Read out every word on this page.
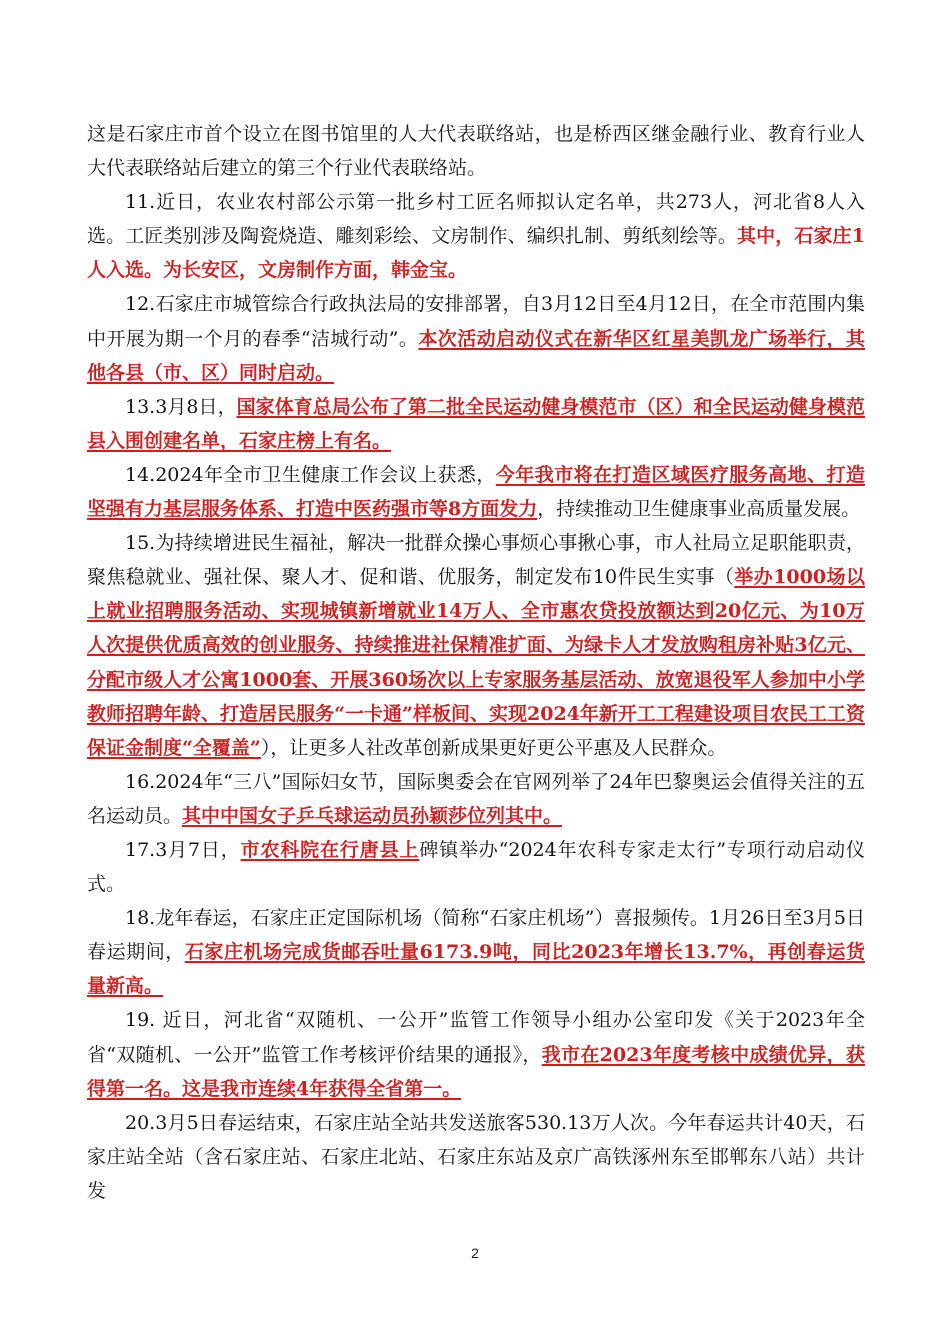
这是石家庄市首个设立在图书馆里的人大代表联络站，也是桥西区继金融行业、教育行业人大代表联络站后建立的第三个行业代表联络站。

11.近日，农业农村部公示第一批乡村工匠名师拟认定名单，共273人，河北省8人入选。工匠类别涉及陶瓷烧造、雕刻彩绘、文房制作、编织扎制、剪纸刻绘等。其中，石家庄1人入选。为长安区，文房制作方面，韩金宝。

12.石家庄市城管综合行政执法局的安排部署，自3月12日至4月12日，在全市范围内集中开展为期一个月的春季“洁城行动”。本次活动启动仪式在新华区红星美凯龙广场举行，其他各县（市、区）同时启动。

13.3月8日，国家体育总局公布了第二批全民运动健身模范市（区）和全民运动健身模范县入围创建名单，石家庄榜上有名。

14.2024年全市卫生健康工作会议上获悉，今年我市将在打造区域医疗服务高地、打造坚强有力基层服务体系、打造中医药强市等8方面发力，持续推动卫生健康事业高质量发展。

15.为持续增进民生福祉，解决一批群众操心事烦心事揪心事，市人社局立足职能职责，聚焦稳就业、强社保、聚人才、促和谐、优服务，制定发布10件民生实事（举办1000场以上就业招聘服务活动、实现城镇新增就业14万人、全市惠农贷投放额达到20亿元、为10万人次提供优质高效的创业服务、持续推进社保精准扩面、为绿卡人才发放购租房补贴3亿元、分配市级人才公寓1000套、开展360场次以上专家服务基层活动、放宽退役军人参加中小学教师招聘年龄、打造居民服务“一卡通”样板间、实现2024年新开工工程建设项目农民工工资保证金制度“全覆盖”），让更多人社改革创新成果更好更公平惠及人民群众。

16.2024年“三八”国际妇女节，国际奥委会在官网列举了24年巴黎奥运会值得关注的五名运动员。其中中国女子乒乓球运动员孙颖莎位列其中。

17.3月7日，市农科院在行唐县上碑镇举办“2024年农科专家走太行”专项行动启动仪式。

18.龙年春运，石家庄正定国际机场（简称“石家庄机场”）喜报频传。1月26日至3月5日春运期间，石家庄机场完成货邮吞吐量6173.9吨，同比2023年增长13.7%，再创春运货量新高。

19. 近日，河北省“双随机、一公开”监管工作领导小组办公室印发《关于2023年全省“双随机、一公开”监管工作考核评价结果的通报》，我市在2023年度考核中成绩优异，获得第一名。这是我市连续4年获得全省第一。

20.3月5日春运结束，石家庄站全站共发送旅客530.13万人次。今年春运共计40天，石家庄站全站（含石家庄站、石家庄北站、石家庄东站及京广高铁涿州东至邯郸东八站）共计发

2
